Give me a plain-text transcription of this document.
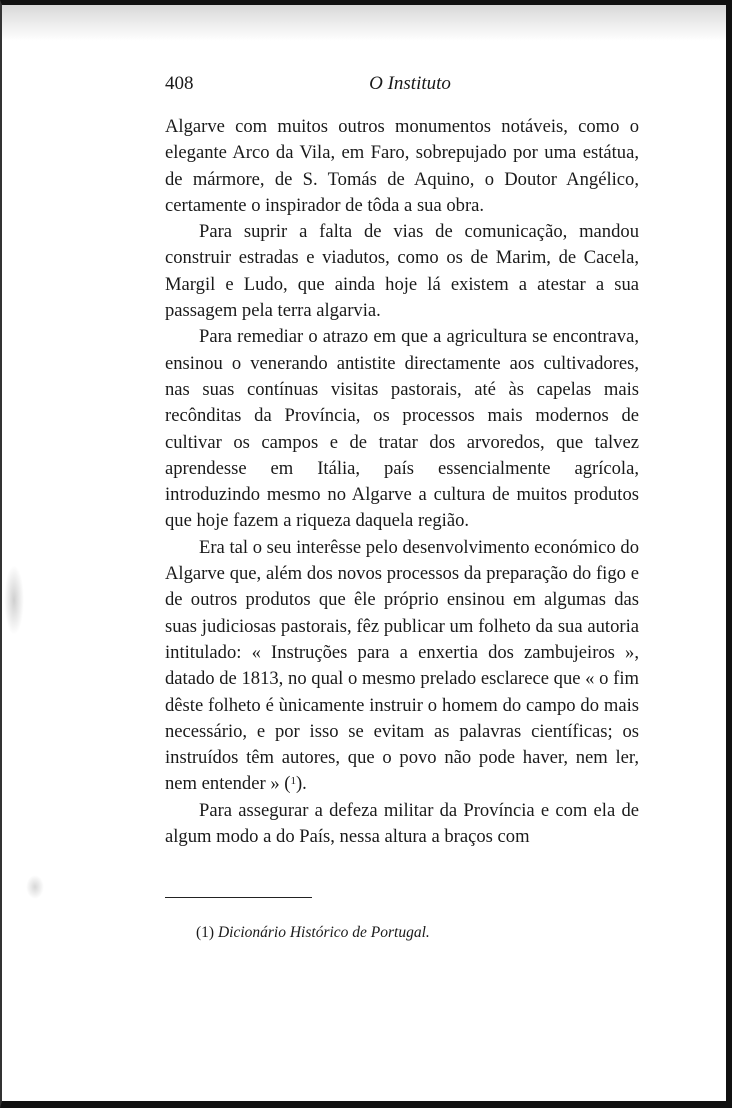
408	O Instituto

Algarve com muitos outros monumentos notáveis, como o elegante Arco da Vila, em Faro, sobrepujado por uma estátua, de mármore, de S. Tomás de Aquino, o Doutor Angélico, certamente o inspirador de tôda a sua obra.

Para suprir a falta de vias de comunicação, mandou construir estradas e viadutos, como os de Marim, de Cacela, Margil e Ludo, que ainda hoje lá existem a atestar a sua passagem pela terra algarvia.

Para remediar o atrazo em que a agricultura se encontrava, ensinou o venerando antistite directamente aos cultivadores, nas suas contínuas visitas pastorais, até às capelas mais recônditas da Província, os processos mais modernos de cultivar os campos e de tratar dos arvoredos, que talvez aprendesse em Itália, país essencialmente agrícola, introduzindo mesmo no Algarve a cultura de muitos produtos que hoje fazem a riqueza daquela região.

Era tal o seu interêsse pelo desenvolvimento económico do Algarve que, além dos novos processos da preparação do figo e de outros produtos que êle próprio ensinou em algumas das suas judiciosas pastorais, fêz publicar um folheto da sua autoria intitulado: « Instruções para a enxertia dos zambujeiros », datado de 1813, no qual o mesmo prelado esclarece que « o fim dêste folheto é ùnicamente instruir o homem do campo do mais necessário, e por isso se evitam as palavras científicas; os instruídos têm autores, que o povo não pode haver, nem ler, nem entender » ($^1$).

Para assegurar a defeza militar da Província e com ela de algum modo a do País, nessa altura a braços com

(1) Dicionário Histórico de Portugal.
